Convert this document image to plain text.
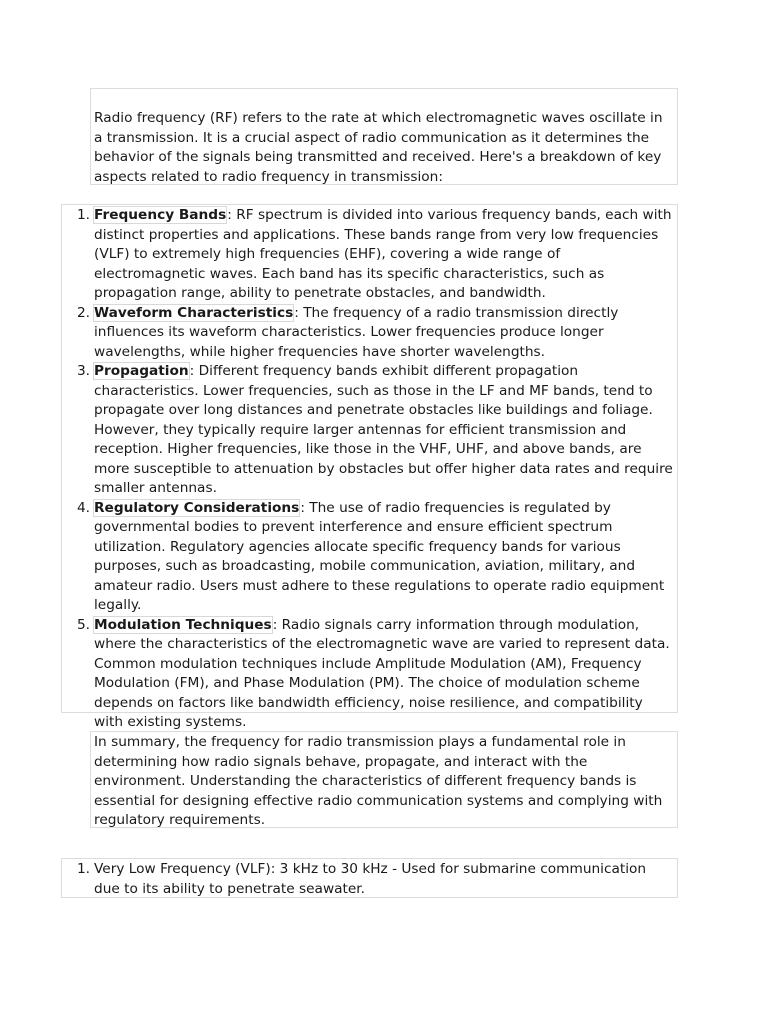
Radio frequency (RF) refers to the rate at which electromagnetic waves oscillate in a transmission. It is a crucial aspect of radio communication as it determines the behavior of the signals being transmitted and received. Here's a breakdown of key aspects related to radio frequency in transmission:

1. Frequency Bands: RF spectrum is divided into various frequency bands, each with distinct properties and applications. These bands range from very low frequencies (VLF) to extremely high frequencies (EHF), covering a wide range of electromagnetic waves. Each band has its specific characteristics, such as propagation range, ability to penetrate obstacles, and bandwidth.
2. Waveform Characteristics: The frequency of a radio transmission directly influences its waveform characteristics. Lower frequencies produce longer wavelengths, while higher frequencies have shorter wavelengths.
3. Propagation: Different frequency bands exhibit different propagation characteristics. Lower frequencies, such as those in the LF and MF bands, tend to propagate over long distances and penetrate obstacles like buildings and foliage. However, they typically require larger antennas for efficient transmission and reception. Higher frequencies, like those in the VHF, UHF, and above bands, are more susceptible to attenuation by obstacles but offer higher data rates and require smaller antennas.
4. Regulatory Considerations: The use of radio frequencies is regulated by governmental bodies to prevent interference and ensure efficient spectrum utilization. Regulatory agencies allocate specific frequency bands for various purposes, such as broadcasting, mobile communication, aviation, military, and amateur radio. Users must adhere to these regulations to operate radio equipment legally.
5. Modulation Techniques: Radio signals carry information through modulation, where the characteristics of the electromagnetic wave are varied to represent data. Common modulation techniques include Amplitude Modulation (AM), Frequency Modulation (FM), and Phase Modulation (PM). The choice of modulation scheme depends on factors like bandwidth efficiency, noise resilience, and compatibility with existing systems.

In summary, the frequency for radio transmission plays a fundamental role in determining how radio signals behave, propagate, and interact with the environment. Understanding the characteristics of different frequency bands is essential for designing effective radio communication systems and complying with regulatory requirements.

1. Very Low Frequency (VLF): 3 kHz to 30 kHz - Used for submarine communication due to its ability to penetrate seawater.
